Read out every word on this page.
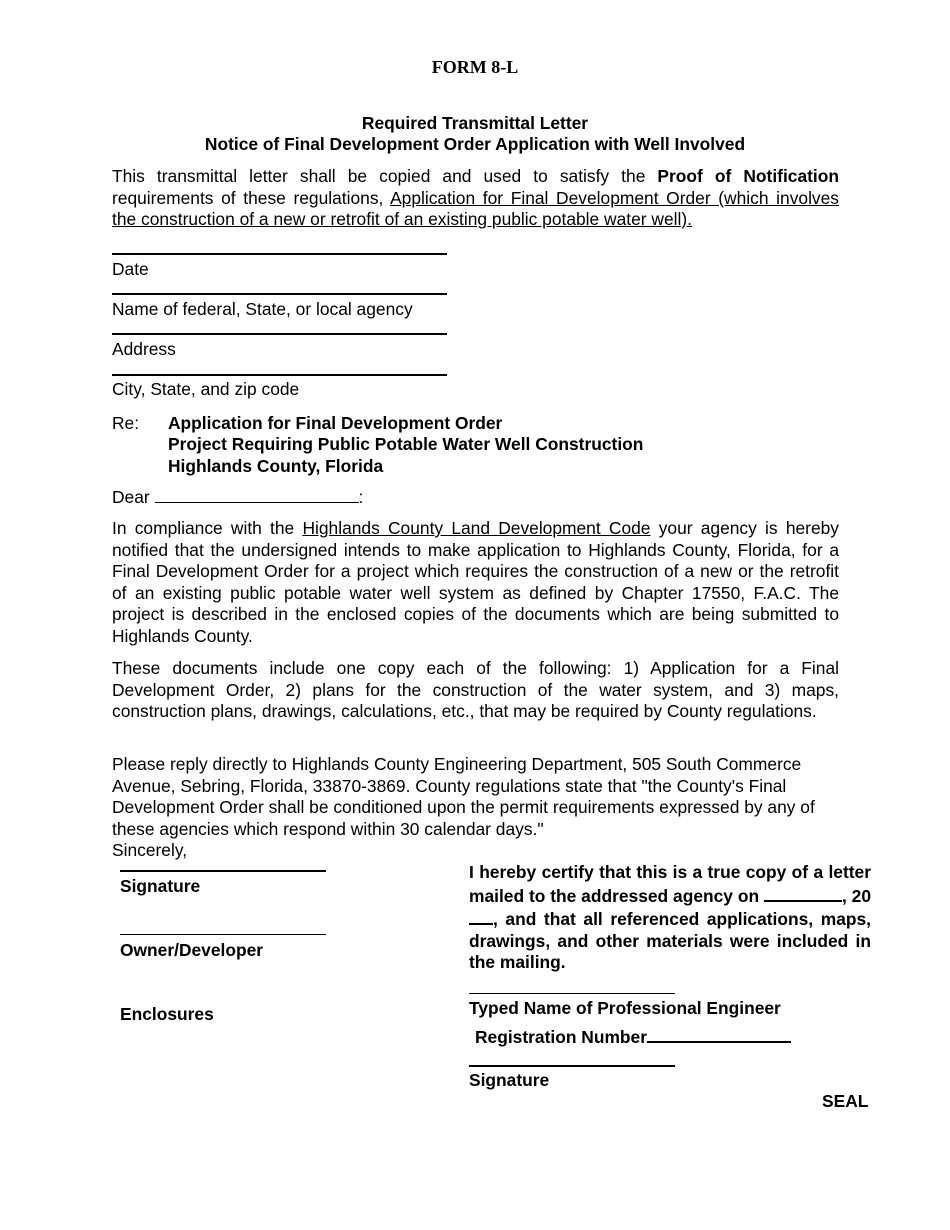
FORM 8-L
Required Transmittal Letter
Notice of Final Development Order Application with Well Involved

This transmittal letter shall be copied and used to satisfy the Proof of Notification requirements of these regulations, Application for Final Development Order (which involves the construction of a new or retrofit of an existing public potable water well).

Date
Name of federal, State, or local agency
Address
City, State, and zip code
Re: Application for Final Development Order
Project Requiring Public Potable Water Well Construction
Highlands County, Florida
Dear	:

In compliance with the Highlands County Land Development Code your agency is hereby notified that the undersigned intends to make application to Highlands County, Florida, for a Final Development Order for a project which requires the construction of a new or the retrofit of an existing public potable water well system as defined by Chapter 17550, F.A.C. The project is described in the enclosed copies of the documents which are being submitted to Highlands County.

These documents include one copy each of the following: 1) Application for a Final Development Order, 2) plans for the construction of the water system, and 3) maps, construction plans, drawings, calculations, etc., that may be required by County regulations.

Please reply directly to Highlands County Engineering Department, 505 South Commerce Avenue, Sebring, Florida, 33870-3869. County regulations state that "the County's Final Development Order shall be conditioned upon the permit requirements expressed by any of these agencies which respond within 30 calendar days."

Sincerely,
Signature
Owner/Developer
Enclosures

I hereby certify that this is a true copy of a letter mailed to the addressed agency on	, 20, and that all referenced applications, maps, drawings, and other materials were included in the mailing.

Typed Name of Professional Engineer
Registration Number
Signature
SEAL
